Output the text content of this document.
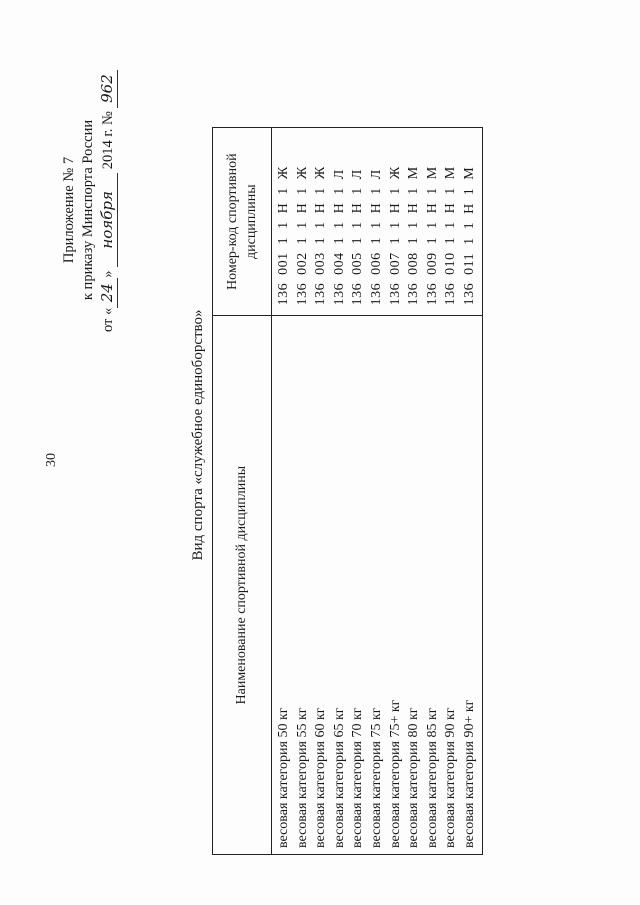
30
Приложение № 7 к приказу Минспорта России
от «24» ноября 2014 г. № 962
Вид спорта «служебное единоборство»
Наименование спортивной дисциплины	Номер-код спортивной дисциплины
весовая категория 50 кг	136  001  1  1  Н  1  Ж
весовая категория 55 кг	136  002  1  1  Н  1  Ж
весовая категория 60 кг	136  003  1  1  Н  1  Ж
весовая категория 65 кг	136  004  1  1  Н  1  Л
весовая категория 70 кг	136  005  1  1  Н  1  Л
весовая категория 75 кг	136  006  1  1  Н  1  Л
весовая категория 75+ кг	136  007  1  1  Н  1  Ж
весовая категория 80 кг	136  008  1  1  Н  1  М
весовая категория 85 кг	136  009  1  1  Н  1  М
весовая категория 90 кг	136  010  1  1  Н  1  М
весовая категория 90+ кг	136  011  1  1  Н  1  М
